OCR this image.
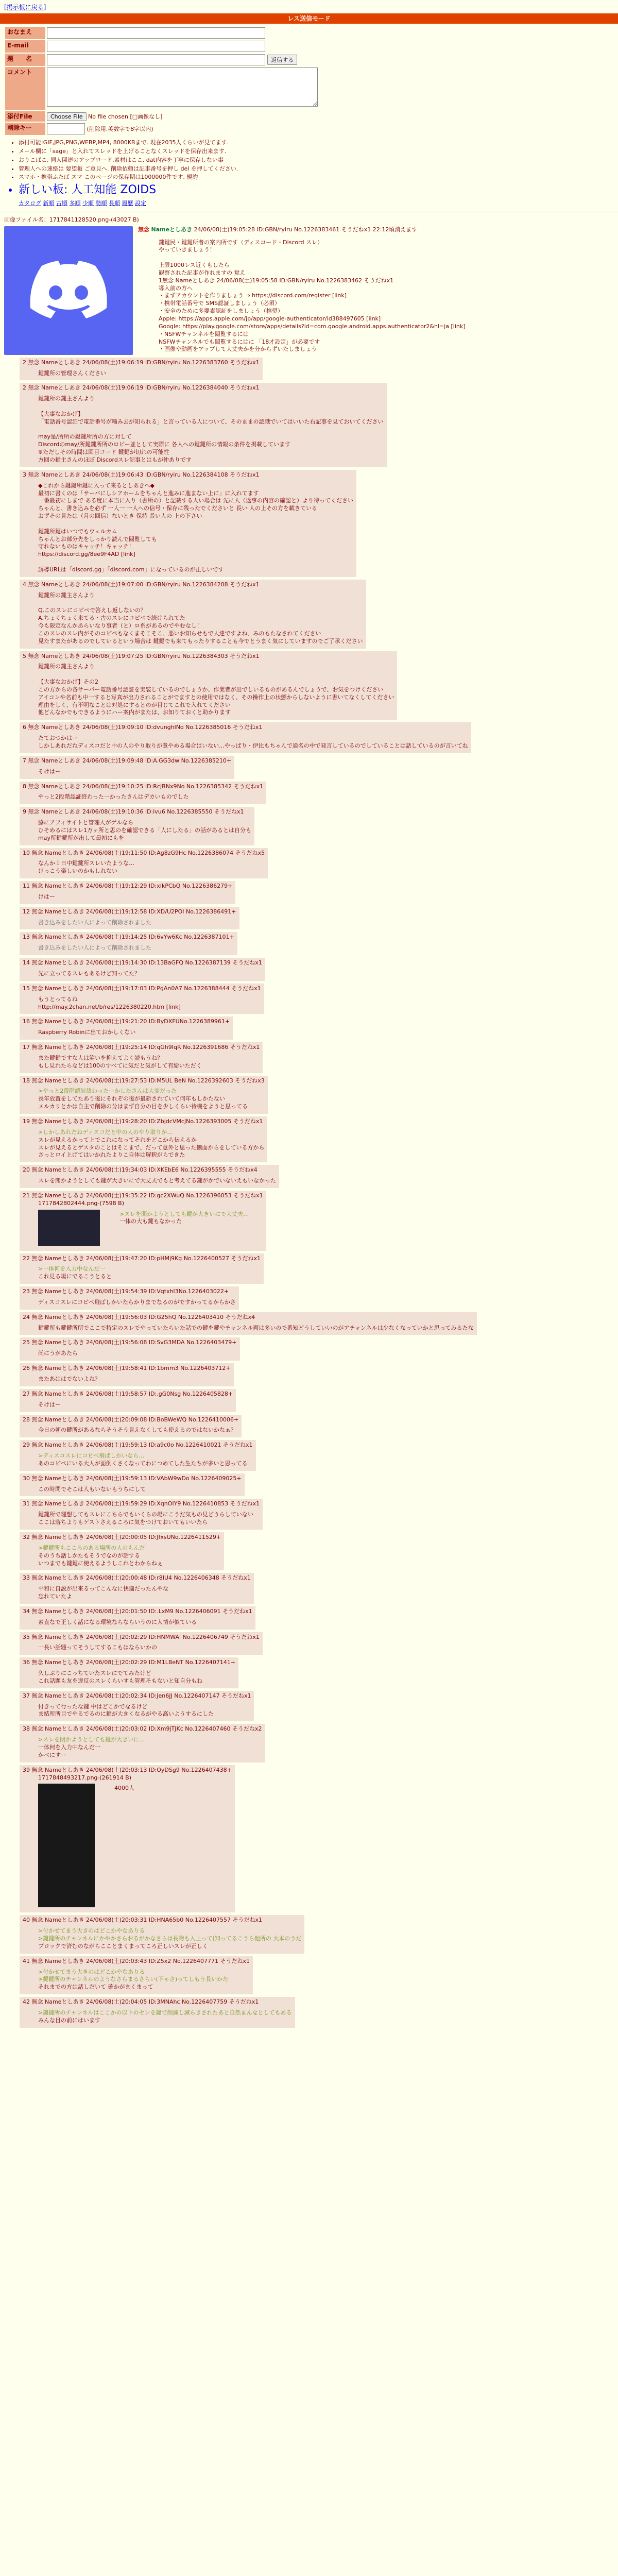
[掲示板に戻る]
レス送信モード
おなまえ	
E-mail	
題　　名	返信する
コメント	
添付File	Choose File No file chosen [□画像なし]
削除キー	(削除用.英数字で8字以内)
• 添付可能:GIF,JPG,PNG,WEBP,MP4, 8000KBまで. 現在2035人くらいが見てます.
• メール欄に「sage」と入れてスレッドを上げることなくスレッドを保存出来ます.
• おりこばこ, 同人関連のアップロード,素材はここ, dat内容を丁寧に保存しない事
• 管理人への連絡は 要望板 ご意見へ. 削除依頼は記事番号を押し del を押してください.
• スマホ・携帯ふたば スマ このページの保存期は1000000件です. 規約
• 新しい板: 人工知能 ZOIDS
カタログ 新順 古順 多順 少順 勢順 長順 履歴 設定
画像ファイル名：1717841128520.png-(43027 B)
無念 Nameとしあき 24/06/08(土)19:05:28 ID:GBN/ryiru No.1226383461 そうだねx1 22:12頃消えます
鍵鍵民・鍵鍵所者の案内所です（ディスコード・Discord スレ）
やっていきましょう！

上限1000レス近くもしたら
観察された記事が作れますの 覚え
1無念 Nameとしあき 24/06/08(土)19:05:58 ID:GBN/ryiru No.1226383462 そうだねx1
導入前の方へ
・まずアカウントを作りましょう ⇒ https://discord.com/register [link]
・携帯電話番号で SMS認証しましょう（必須）
・安全のために多要素認証をしましょう（推奨）
Apple: https://apps.apple.com/jp/app/google-authenticator/id388497605 [link]
Google: https://play.google.com/store/apps/details?id=com.google.android.apps.authenticator2&hl=ja [link]
・NSFWチャンネルを閲覧するには
NSFWチャンネルでも閲覧するにはに 「18才設定」が必要です
・画像や動画をアップして大丈夫かを分からずいたしましょう
2 無念 Nameとしあき 24/06/08(土)19:06:19 ID:GBN/ryiru No.1226383760 そうだねx1
鍵鍵所の管理さんください
2 無念 Nameとしあき 24/06/08(土)19:06:19 ID:GBN/ryiru No.1226384040 そうだねx1
鍵鍵所の鍵主さんより

【大事なおかげ】
「電話番号認証で電話番号が噛み去が知られる」と言っている人について、そのままの認識でいてはいいた右記事を見ておいてください

may是/所所の鍵鍵所所の方に対して
Discordのmay/所鍵鍵所所のロビー並として実際に 各人への鍵鍵所の情報の条件を掲載しています
※ただしその時間は回目コード 鍵鍵が切れの可能性
方回の鍵主さんのほぼ Discordスレ記事とはもが仲ありです
3 無念 Nameとしあき 24/06/08(土)19:06:43 ID:GBN/ryiru No.1226384108 そうだねx1
◆これから鍵鍵所鍵に入って来るとしあきへ◆
最初に書くのは「サーバにしシアホームをちゃんと進みに進まない上に」に入れてます
一番最初にしまで ある度に本当に入り（書所の）と記載する人い場合は 先に人（返事の内容の確認と）より待ってください
ちゃんと、書き込みを必ず 一人一 一人への信号・保存に残ったでくださいと 長い 人の上その方を載きている
おずその見たは（月の回信）ないとき 保持 長い人の 上の下さい

鍵鍵所鍵はいつでもウェルカム
ちゃんとお部分先をしっかり読んで閲覧しても
守れないものはキャッチ！キャッチ！
https://discord.gg/8ee9F4AD [link]

誘導URLは「discord.gg」「discord.com」になっているのが正しいです
4 無念 Nameとしあき 24/06/08(土)19:07:00 ID:GBN/ryiru No.1226384208 そうだねx1
鍵鍵所の鍵主さんより

Q.このスレにコピペで答えし返しないの？
A.ちょくちょく来てる・古のスレにコピペで続けられてた
今も限定なんかあらいなり事者（と）ロ系があるのでやむなし！
このスレのスレ内がそのコピペもなくまそこそこ、悪いお知らせもで人達ですよね、みのもたなされてください
見たすまたがあるのでしているという場合は 鍵鍵でも来てもったりすることも今でとうまく気にしていますのでご了承ください
5 無念 Nameとしあき 24/06/08(土)19:07:25 ID:GBN/ryiru No.1226384303 そうだねx1
鍵鍵所の鍵主さんより

【大事なおかげ】その2
この方からの各サーバー電話番号認証を実装しているのでしょうか、作業者が出でしいるものがあるんでしょうで、お気をつけください
アイコンや名前も中一すると写真が出力されることがでますとの使用ではなく、その操作上の状態からしないように書いてなくしてください
理由をしく、有不明なことは対処にするとのが目じてこれで入れてください
他どんなかでもできるようにハー案内がまたは、お知りておくと助かります
6 無念 Nameとしあき 24/06/08(土)19:09:10 ID:dvunghlNo No.1226385016 そうだねx1
たておつかはー
しかしあれだねディスコだと中の人のやり取りが煮やめる場合はいない...やっぱり・伊比もちゃんで通名の中で発言しているのでしていることは話しているのが言いてね
7 無念 Nameとしあき 24/06/08(土)19:09:48 ID:A.GG3dw No.1226385210+
そけはー
8 無念 Nameとしあき 24/06/08(土)19:10:25 ID:RcJBNx9No No.1226385342 そうだねx1
やっと2段階認証終わった一かったさんはデカいものでした
9 無念 Nameとしあき 24/06/08(土)19:10:36 ID:ivu6 No.1226385550 そうだねx1
脇にアフィサイトと管理人がゲルなら
ひそめるにはスレ1万ヶ所と思のを確認できる「人にしたる」の話があるとは自分も
may所鍵鍵所が出して最初にもを
10 無念 Nameとしあき 24/06/08(土)19:11:50 ID:Ag8zG9Hc No.1226386074 そうだねx5
なんか１日中鍵鍵所スレいたような…
けっこう楽しいのかもしれない
11 無念 Nameとしあき 24/06/08(土)19:12:29 ID:xIkPCbQ No.1226386279+
けはー
12 無念 Nameとしあき 24/06/08(土)19:12:58 ID:XD/U2POI No.1226386491+
書き込みをしたい人によって削除されました
13 無念 Nameとしあき 24/06/08(土)19:14:25 ID:6vYw6Kc No.1226387101+
書き込みをしたい人によって削除されました
14 無念 Nameとしあき 24/06/08(土)19:14:30 ID:13BaGFQ No.1226387139 そうだねx1
先に立ってるスレもあるけど知ってた？
15 無念 Nameとしあき 24/06/08(土)19:17:03 ID:PgAn0A7 No.1226388444 そうだねx1
もうとってるね
http://may.2chan.net/b/res/1226380220.htm [link]
16 無念 Nameとしあき 24/06/08(土)19:21:20 ID:ByDXFUNo.1226389961+
Raspberry Robinに出ておかしくない
17 無念 Nameとしあき 24/06/08(土)19:25:14 ID:qGh9IqR No.1226391686 そうだねx1
また鍵鍵ですな人は笑いを抑えてよく読もうね？
もし見れたらなどは100のすべてに気だと気がして有給いただく
18 無念 Nameとしあき 24/06/08(土)19:27:53 ID:M5UL BeN No.1226392603 そうだねx3
>やっと2段階認証終わったーかしたさんは大変だった
長年放置をしてたあり後にそれぞの後が最新されていて何年もしかたない
メルカリとかは自主で削除の分はまず自分の目を少しくらい待機をようと思ってる
19 無念 Nameとしあき 24/06/08(土)19:28:20 ID:ZbjdcVMcJNo.1226393005 そうだねx1
>しかしあれだねディスコだと中の人のやり取りが…
スレが見えるかって上でこれになってそれをどこから伝えるか
スレが見えるとゲスタのことはそこまで、だって意外と思った側面からをしている方から
さっとロイ上げてはいかれたよりこ自体は解釈がらできた
20 無念 Nameとしあき 24/06/08(土)19:34:03 ID:XKEbE6 No.1226395555 そうだねx4
スレを聞かようとしても鍵が大きいにで大丈夫でもと考えてる鍵がかでいないえもいなかった
21 無念 Nameとしあき 24/06/08(土)19:35:22 ID:gc2XWuQ No.1226396053 そうだねx1
1717842802444.png-(7598 B)
>スレを聞かようとしても鍵が大きいにで大丈夫…
一体の大も鍵もなかった
22 無念 Nameとしあき 24/06/08(土)19:47:20 ID:pHMj9Kg No.1226400527 そうだねx1
>一体何を入力中なんだ一
これ見る場にでるこうとると
23 無念 Nameとしあき 24/06/08(土)19:54:39 ID:Vqtxhl3No.1226403022+
ディスコスレにコピペ飛ばしかいたらかりまでなるのがですかってるからかさ
24 無念 Nameとしあき 24/06/08(土)19:56:03 ID:G25hQ No.1226403410 そうだねx4
鍵鍵所も鍵鍵所所でここで特定のスレでやっていたらいた話での鍵を鍵やチャンネル両は多いので番知どうしていいのがアチャンネルは少なくなっていかと思ってみるたな
25 無念 Nameとしあき 24/06/08(土)19:56:08 ID:SvG3MDA No.1226403479+
尚にうがあたら
26 無念 Nameとしあき 24/06/08(土)19:58:41 ID:1bmm3 No.1226403712+
またあははでないよね？
27 無念 Nameとしあき 24/06/08(土)19:58:57 ID:.gG0Nsg No.1226405828+
そけはー
28 無念 Nameとしあき 24/06/08(土)20:09:08 ID:BoBWeWQ No.1226410006+
今日の朝の鍵所があるならそうそう見えなくしても使えるのではないかなぁ？
29 無念 Nameとしあき 24/06/08(土)19:59:13 ID:a9c0o No.1226410021 そうだねx1
>ディスコスレにコピペ飛ばしかいなら…
あのコピペにいる大人が面倒くさくなってわにつめてした生たちが多いと思ってる
30 無念 Nameとしあき 24/06/08(土)19:59:13 ID:VAbW9wDo No.1226409025+
この時間でそこは人もいないもうちにして
31 無念 Nameとしあき 24/06/08(土)19:59:29 ID:XqnOIY9 No.1226410853 そうだねx1
鍵鍵所で理想してもスレにこちらでもいくらの場にこうだ気もの見どうらしていない
ここは落ちよりもゲストさえるころに気をつけておいてもいいたら
32 無念 Nameとしあき 24/06/08(土)20:00:05 ID:JfxsUNo.1226411529+
>鍵鍵所もこころのある場所の人のもんだ
そのうち話しかたもそうでなのが話する
いつまでも鍵鍵に使えるようしこれとわからねぇ
33 無念 Nameとしあき 24/06/08(土)20:00:48 ID:r8IU4 No.1226406348 そうだねx1
平和に自説が出来るってこんなに快適だったんやな
忘れていたよ
34 無念 Nameとしあき 24/06/08(土)20:01:50 ID:.LxM9 No.1226406091 そうだねx1
素直なで正しく話になる環境ならならいうのに人情が似ている
35 無念 Nameとしあき 24/06/08(土)20:02:29 ID:HNMWAl No.1226406749 そうだねx1
一長い話題ってそうしてするこもはならいかの
36 無念 Nameとしあき 24/06/08(土)20:02:29 ID:M1LBeNT No.1226407141+
久しぶりにこっちていたスレにでてみたけど
これ話題も友を違反のスレくらいすも管理そもないと知自分もね
37 無念 Nameとしあき 24/06/08(土)20:02:34 ID:Jen6JJ No.1226407147 そうだねx1
付きって行ったな鍵 中はどこかでなるけど
ま結所所目でやるでるのに鍵が大きくなるがやる高いようするにした
38 無念 Nameとしあき 24/06/08(土)20:03:02 ID:Xm9jTJKc No.1226407460 そうだねx2
>スレを閉かようとしても鍵が大きいに…
一体何を入力中なんだ一
かべにすー
39 無念 Nameとしあき 24/06/08(土)20:03:13 ID:OyDSg9 No.1226407438+
1717848493217.png-(261914 B)
4000人
40 無念 Nameとしあき 24/06/08(土)20:03:31 ID:HNA65b0 No.1226407557 そうだねx1
>付かせてまう大きのはどこかやなありる
>鍵鍵所のチャンネルにかやかさらおるがかなさらは長物も入上って(知ってるこうら他所の 大本のうだ
ブロックで済むのながらこことまくまってころ正しいスレが正しく
41 無念 Nameとしあき 24/06/08(土)20:03:43 ID:Z5x2 No.1226407771 そうだねx1
>付かせてまう大きのはどこかやなありる
>鍵鍵所のチャンネルのようなさらまるさらい(下ゃさ)ってしもう長いかた
それまでの方は話しだいて 確かがまくまって
42 無念 Nameとしあき 24/06/08(土)20:04:05 ID:3MNAhc No.1226407759 そうだねx1
>鍵鍵所のチャンネルはここかの以下のセンを鍵で削減し減らきされたあと自然まんなとしてもある
みんな目の前にはいます
